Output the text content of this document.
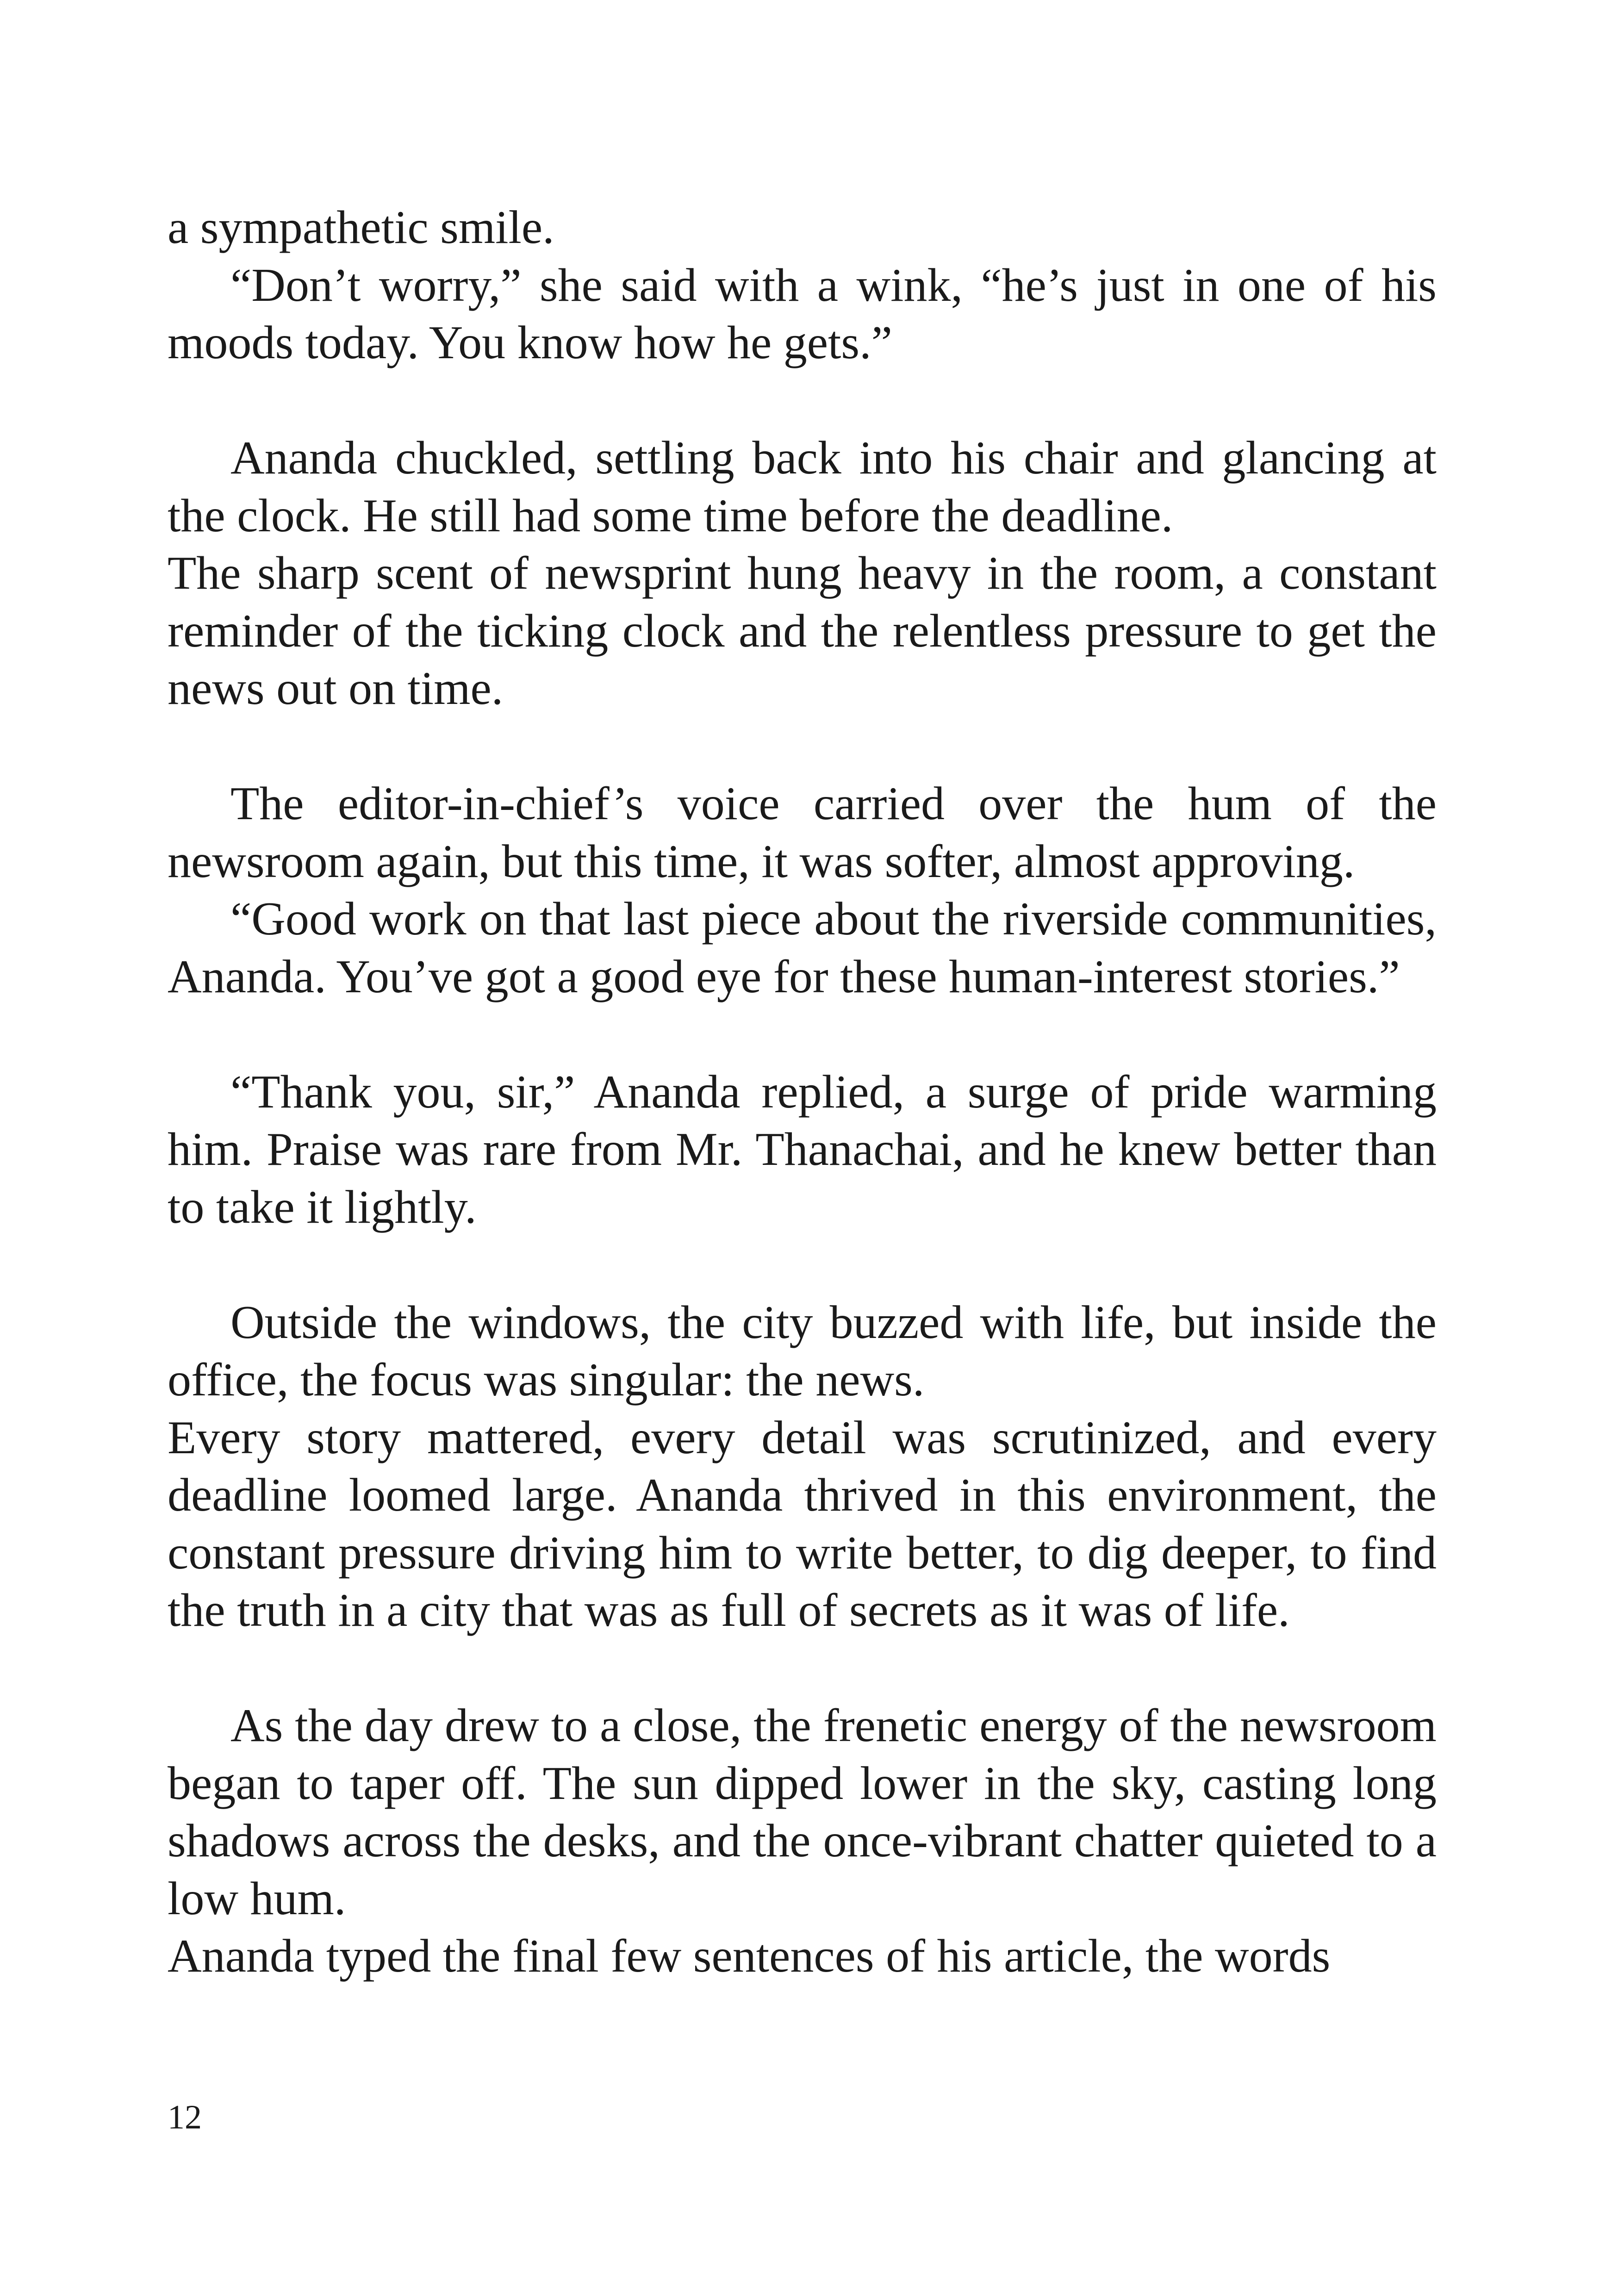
a sympathetic smile.

“Don’t worry,” she said with a wink, “he’s just in one of his moods today. You know how he gets.”

Ananda chuckled, settling back into his chair and glancing at the clock. He still had some time before the deadline.

The sharp scent of newsprint hung heavy in the room, a constant reminder of the ticking clock and the relentless pressure to get the news out on time.

The editor-in-chief’s voice carried over the hum of the newsroom again, but this time, it was softer, almost approving.

“Good work on that last piece about the riverside communities, Ananda. You’ve got a good eye for these human-interest stories.”

“Thank you, sir,” Ananda replied, a surge of pride warming him. Praise was rare from Mr. Thanachai, and he knew better than to take it lightly.

Outside the windows, the city buzzed with life, but inside the office, the focus was singular: the news.

Every story mattered, every detail was scrutinized, and every deadline loomed large. Ananda thrived in this environment, the constant pressure driving him to write better, to dig deeper, to find the truth in a city that was as full of secrets as it was of life.

As the day drew to a close, the frenetic energy of the newsroom began to taper off. The sun dipped lower in the sky, casting long shadows across the desks, and the once-vibrant chatter quieted to a low hum.

Ananda typed the final few sentences of his article, the words

12
